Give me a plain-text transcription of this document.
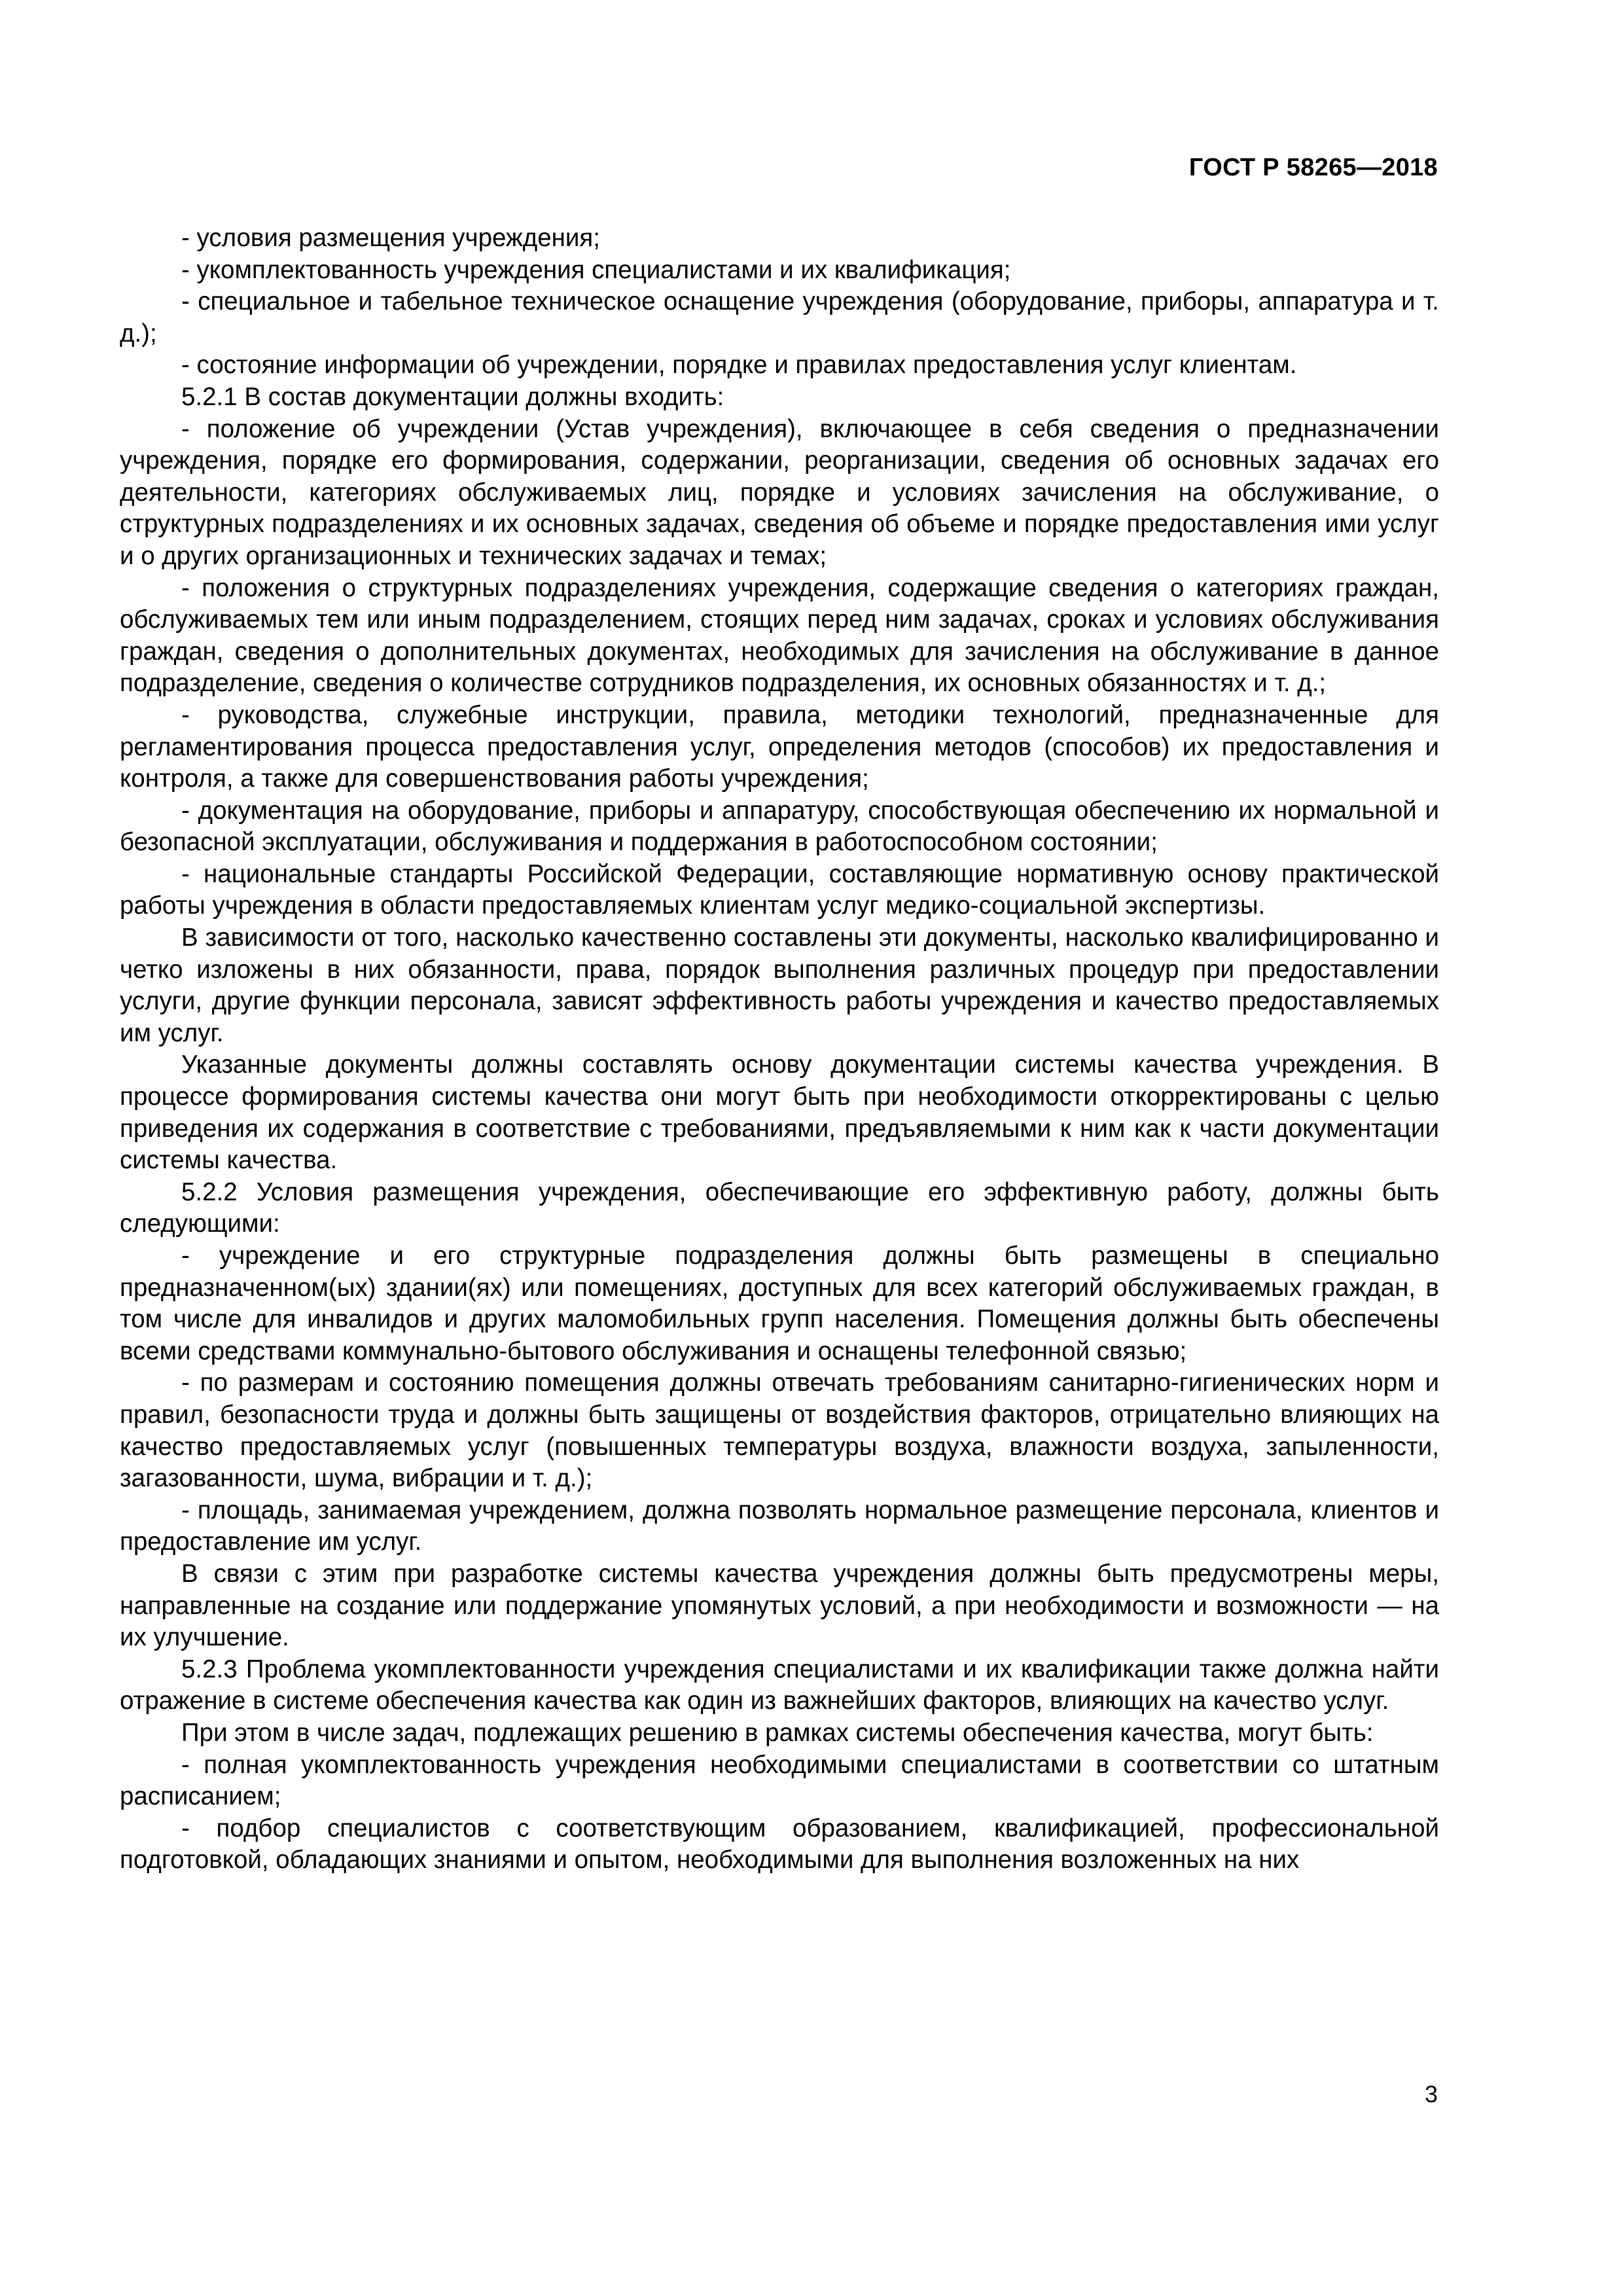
ГОСТ Р 58265—2018

- условия размещения учреждения;

- укомплектованность учреждения специалистами и их квалификация;

- специальное и табельное техническое оснащение учреждения (оборудование, приборы, аппаратура и т. д.);

- состояние информации об учреждении, порядке и правилах предоставления услуг клиентам.

5.2.1 В состав документации должны входить:

- положение об учреждении (Устав учреждения), включающее в себя сведения о предназначении учреждения, порядке его формирования, содержании, реорганизации, сведения об основных задачах его деятельности, категориях обслуживаемых лиц, порядке и условиях зачисления на обслуживание, о структурных подразделениях и их основных задачах, сведения об объеме и порядке предоставления ими услуг и о других организационных и технических задачах и темах;

- положения о структурных подразделениях учреждения, содержащие сведения о категориях граждан, обслуживаемых тем или иным подразделением, стоящих перед ним задачах, сроках и условиях обслуживания граждан, сведения о дополнительных документах, необходимых для зачисления на обслуживание в данное подразделение, сведения о количестве сотрудников подразделения, их основных обязанностях и т. д.;

- руководства, служебные инструкции, правила, методики технологий, предназначенные для регламентирования процесса предоставления услуг, определения методов (способов) их предоставления и контроля, а также для совершенствования работы учреждения;

- документация на оборудование, приборы и аппаратуру, способствующая обеспечению их нормальной и безопасной эксплуатации, обслуживания и поддержания в работоспособном состоянии;

- национальные стандарты Российской Федерации, составляющие нормативную основу практической работы учреждения в области предоставляемых клиентам услуг медико-социальной экспертизы.

В зависимости от того, насколько качественно составлены эти документы, насколько квалифицированно и четко изложены в них обязанности, права, порядок выполнения различных процедур при предоставлении услуги, другие функции персонала, зависят эффективность работы учреждения и качество предоставляемых им услуг.

Указанные документы должны составлять основу документации системы качества учреждения. В процессе формирования системы качества они могут быть при необходимости откорректированы с целью приведения их содержания в соответствие с требованиями, предъявляемыми к ним как к части документации системы качества.

5.2.2 Условия размещения учреждения, обеспечивающие его эффективную работу, должны быть следующими:

- учреждение и его структурные подразделения должны быть размещены в специально предназначенном(ых) здании(ях) или помещениях, доступных для всех категорий обслуживаемых граждан, в том числе для инвалидов и других маломобильных групп населения. Помещения должны быть обеспечены всеми средствами коммунально-бытового обслуживания и оснащены телефонной связью;

- по размерам и состоянию помещения должны отвечать требованиям санитарно-гигиенических норм и правил, безопасности труда и должны быть защищены от воздействия факторов, отрицательно влияющих на качество предоставляемых услуг (повышенных температуры воздуха, влажности воздуха, запыленности, загазованности, шума, вибрации и т. д.);

- площадь, занимаемая учреждением, должна позволять нормальное размещение персонала, клиентов и предоставление им услуг.

В связи с этим при разработке системы качества учреждения должны быть предусмотрены меры, направленные на создание или поддержание упомянутых условий, а при необходимости и возможности — на их улучшение.

5.2.3 Проблема укомплектованности учреждения специалистами и их квалификации также должна найти отражение в системе обеспечения качества как один из важнейших факторов, влияющих на качество услуг.

При этом в числе задач, подлежащих решению в рамках системы обеспечения качества, могут быть:

- полная укомплектованность учреждения необходимыми специалистами в соответствии со штатным расписанием;

- подбор специалистов с соответствующим образованием, квалификацией, профессиональной подготовкой, обладающих знаниями и опытом, необходимыми для выполнения возложенных на них

3
